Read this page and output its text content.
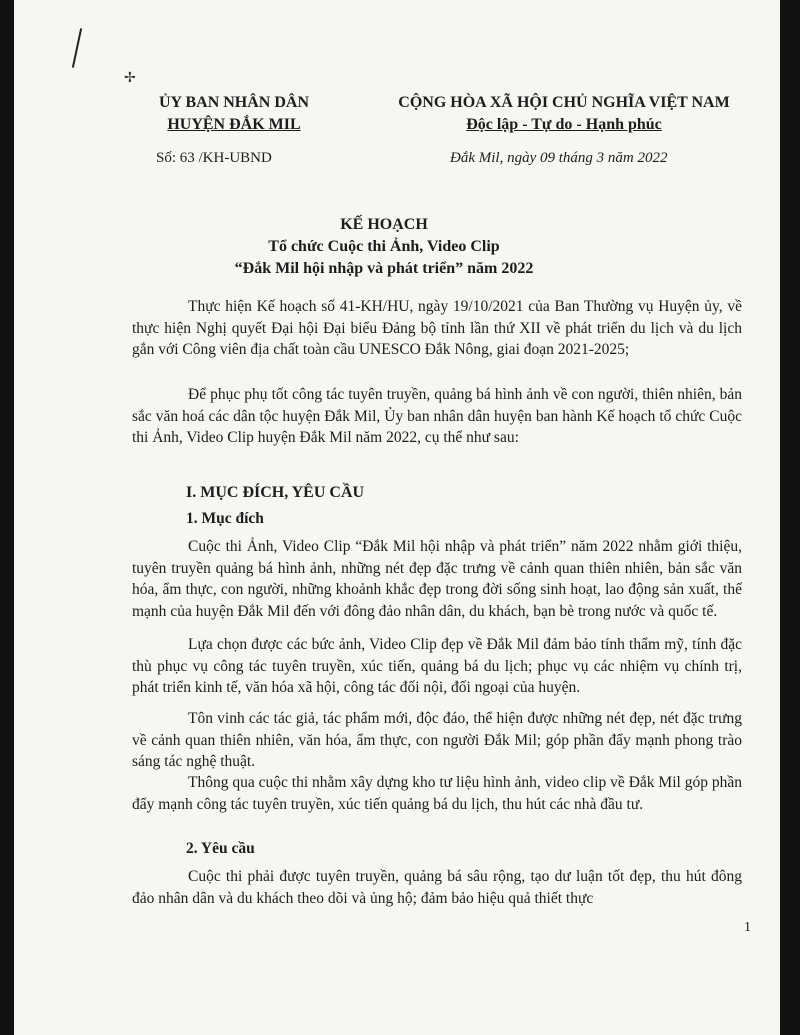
✢
ỦY BAN NHÂN DÂN
HUYỆN ĐẮK MIL
CỘNG HÒA XÃ HỘI CHỦ NGHĨA VIỆT NAM
Độc lập - Tự do - Hạnh phúc
Số: 63 /KH-UBND	Đắk Mil, ngày 09 tháng 3 năm 2022
KẾ HOẠCH
Tổ chức Cuộc thi Ảnh, Video Clip
“Đắk Mil hội nhập và phát triển” năm 2022
Thực hiện Kế hoạch số 41-KH/HU, ngày 19/10/2021 của Ban Thường vụ Huyện ủy, về thực hiện Nghị quyết Đại hội Đại biểu Đảng bộ tỉnh lần thứ XII về phát triển du lịch và du lịch gắn với Công viên địa chất toàn cầu UNESCO Đắk Nông, giai đoạn 2021-2025;
Để phục phụ tốt công tác tuyên truyền, quảng bá hình ảnh về con người, thiên nhiên, bản sắc văn hoá các dân tộc huyện Đắk Mil, Ủy ban nhân dân huyện ban hành Kế hoạch tổ chức Cuộc thi Ảnh, Video Clip huyện Đắk Mil năm 2022, cụ thể như sau:
I. MỤC ĐÍCH, YÊU CẦU
1. Mục đích
Cuộc thi Ảnh, Video Clip “Đắk Mil hội nhập và phát triển” năm 2022 nhằm giới thiệu, tuyên truyền quảng bá hình ảnh, những nét đẹp đặc trưng về cảnh quan thiên nhiên, bản sắc văn hóa, ẩm thực, con người, những khoảnh khắc đẹp trong đời sống sinh hoạt, lao động sản xuất, thế mạnh của huyện Đắk Mil đến với đông đảo nhân dân, du khách, bạn bè trong nước và quốc tế.
Lựa chọn được các bức ảnh, Video Clip đẹp về Đắk Mil đảm bảo tính thẩm mỹ, tính đặc thù phục vụ công tác tuyên truyền, xúc tiến, quảng bá du lịch; phục vụ các nhiệm vụ chính trị, phát triển kinh tế, văn hóa xã hội, công tác đối nội, đối ngoại của huyện.
Tôn vinh các tác giả, tác phẩm mới, độc đáo, thể hiện được những nét đẹp, nét đặc trưng về cảnh quan thiên nhiên, văn hóa, ẩm thực, con người Đắk Mil; góp phần đẩy mạnh phong trào sáng tác nghệ thuật.
Thông qua cuộc thi nhằm xây dựng kho tư liệu hình ảnh, video clip về Đắk Mil góp phần đẩy mạnh công tác tuyên truyền, xúc tiến quảng bá du lịch, thu hút các nhà đầu tư.
2. Yêu cầu
Cuộc thi phải được tuyên truyền, quảng bá sâu rộng, tạo dư luận tốt đẹp, thu hút đông đảo nhân dân và du khách theo dõi và ủng hộ; đảm bảo hiệu quả thiết thực
1
